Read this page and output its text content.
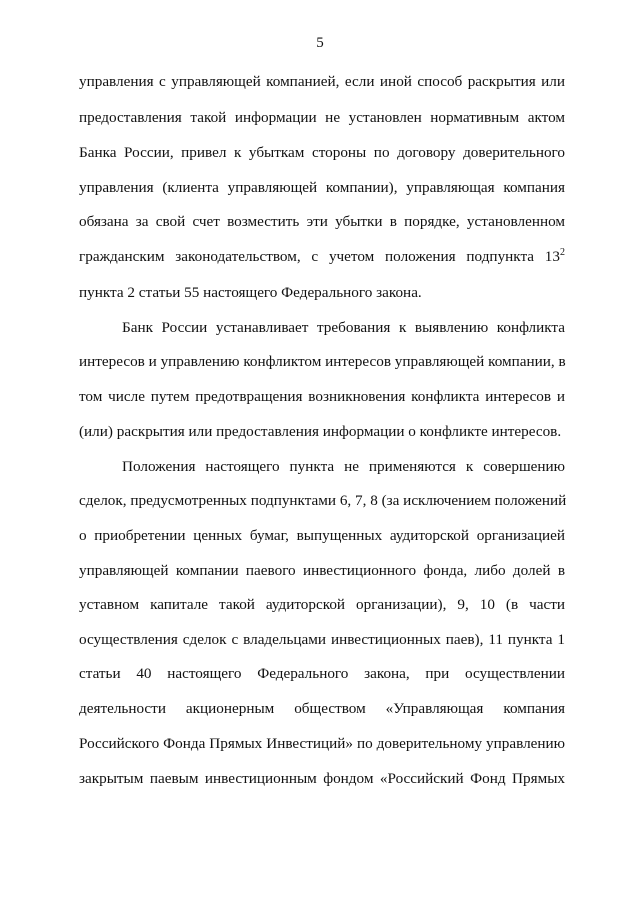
5
управления с управляющей компанией, если иной способ раскрытия или
предоставления такой информации не установлен нормативным актом
Банка России, привел к убыткам стороны по договору доверительного
управления (клиента управляющей компании), управляющая компания
обязана за свой счет возместить эти убытки в порядке, установленном
гражданским законодательством, с учетом положения подпункта $13^2$
пункта 2 статьи 55 настоящего Федерального закона.
Банк России устанавливает требования к выявлению конфликта
интересов и управлению конфликтом интересов управляющей компании, в
том числе путем предотвращения возникновения конфликта интересов и
(или) раскрытия или предоставления информации о конфликте интересов.
Положения настоящего пункта не применяются к совершению
сделок, предусмотренных подпунктами 6, 7, 8 (за исключением положений
о приобретении ценных бумаг, выпущенных аудиторской организацией
управляющей компании паевого инвестиционного фонда, либо долей в
уставном капитале такой аудиторской организации), 9, 10 (в части
осуществления сделок с владельцами инвестиционных паев), 11 пункта 1
статьи 40 настоящего Федерального закона, при осуществлении
деятельности акционерным обществом «Управляющая компания
Российского Фонда Прямых Инвестиций» по доверительному управлению
закрытым паевым инвестиционным фондом «Российский Фонд Прямых
